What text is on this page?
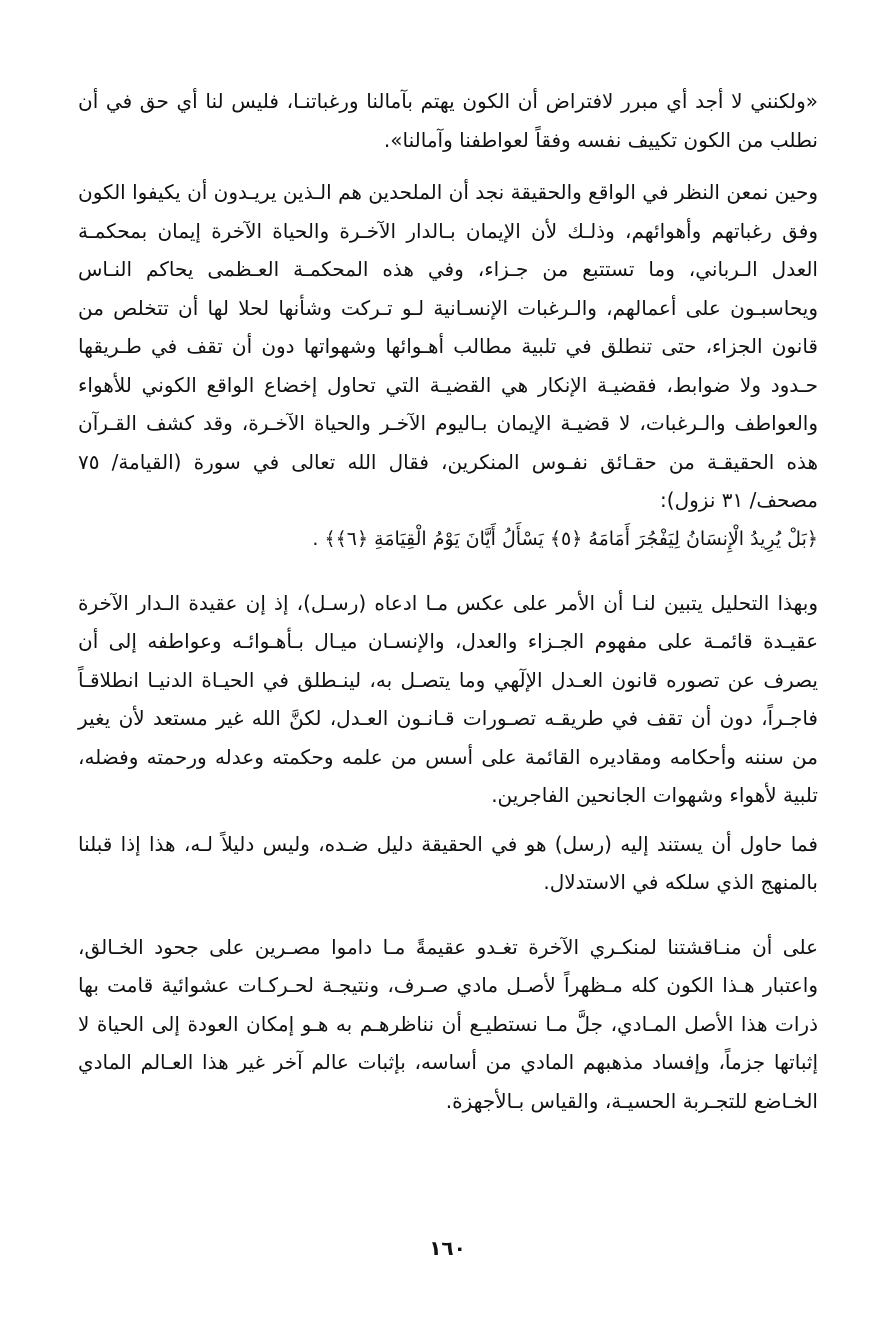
«ولكنني لا أجد أي مبرر لافتراض أن الكون يهتم بآمالنا ورغباتنـا، فليس لنا أي حق في أن نطلب من الكون تكييف نفسه وفقاً لعواطفنا وآمالنا».

وحين نمعن النظر في الواقع والحقيقة نجد أن الملحدين هم الـذين يريـدون أن يكيفوا الكون وفق رغباتهم وأهوائهم، وذلـك لأن الإيمان بـالدار الآخـرة والحياة الآخرة إيمان بمحكمـة العدل الـرباني، وما تستتبع من جـزاء، وفي هذه المحكمـة العـظمى يحاكم النـاس ويحاسبـون على أعمالهم، والـرغبات الإنسـانية لـو تـركت وشأنها لحلا لها أن تتخلص من قانون الجزاء، حتى تنطلق في تلبية مطالب أهـوائها وشهواتها دون أن تقف في طـريقها حـدود ولا ضوابط، فقضيـة الإنكار هي القضيـة التي تحاول إخضاع الواقع الكوني للأهواء والعواطف والـرغبات، لا قضيـة الإيمان بـاليوم الآخـر والحياة الآخـرة، وقد كشف القـرآن هذه الحقيقـة من حقـائق نفـوس المنكرين، فقال الله تعالى في سورة (القيامة/ ٧٥ مصحف/ ٣١ نزول):

﴿بَلْ يُرِيدُ الْإِنسَانُ لِيَفْجُرَ أَمَامَهُ ﴿٥﴾ يَسْأَلُ أَيَّانَ يَوْمُ الْقِيَامَةِ ﴿٦﴾﴾ .

وبهذا التحليل يتبين لنـا أن الأمر على عكس مـا ادعاه (رسـل)، إذ إن عقيدة الـدار الآخرة عقيـدة قائمـة على مفهوم الجـزاء والعدل، والإنسـان ميـال بـأهـوائـه وعواطفه إلى أن يصرف عن تصوره قانون العـدل الإلٓهي وما يتصـل به، لينـطلق في الحيـاة الدنيـا انطلاقـاً فاجـراً، دون أن تقف في طريقـه تصـورات قـانـون العـدل، لكنَّ الله غير مستعد لأن يغير من سننه وأحكامه ومقاديره القائمة على أسس من علمه وحكمته وعدله ورحمته وفضله، تلبية لأهواء وشهوات الجانحين الفاجرين.

فما حاول أن يستند إليه (رسل) هو في الحقيقة دليل ضـده، وليس دليلاً لـه، هذا إذا قبلنا بالمنهج الذي سلكه في الاستدلال.

على أن منـاقشتنا لمنكـري الآخرة تغـدو عقيمةً مـا داموا مصـرين على جحود الخـالق، واعتبار هـذا الكون كله مـظهراً لأصـل مادي صـرف، ونتيجـة لحـركـات عشوائية قامت بها ذرات هذا الأصل المـادي، جلَّ مـا نستطيـع أن نناظرهـم به هـو إمكان العودة إلى الحياة لا إثباتها جزماً، وإفساد مذهبهم المادي من أساسه، بإثبات عالم آخر غير هذا العـالم المادي الخـاضع للتجـربة الحسيـة، والقياس بـالأجهزة.

١٦٠
